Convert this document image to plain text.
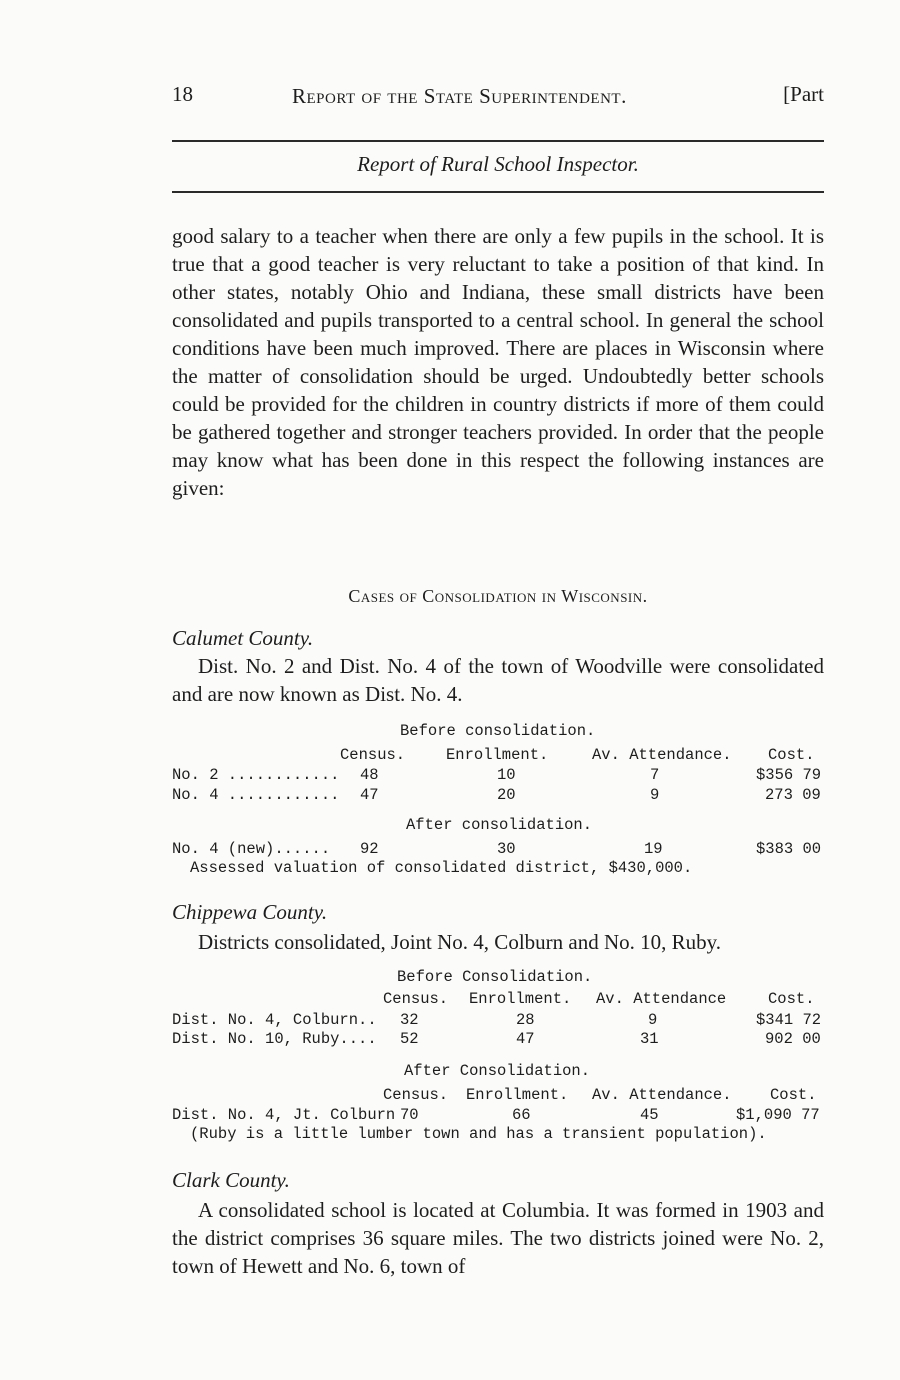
18	Report of the State Superintendent.	[Part
Report of Rural School Inspector.
good salary to a teacher when there are only a few pupils in the school. It is true that a good teacher is very reluctant to take a position of that kind. In other states, notably Ohio and Indiana, these small districts have been consolidated and pupils transported to a central school. In general the school conditions have been much improved. There are places in Wisconsin where the matter of consolidation should be urged. Undoubtedly better schools could be provided for the children in country districts if more of them could be gathered together and stronger teachers provided. In order that the people may know what has been done in this respect the following instances are given:
Cases of Consolidation in Wisconsin.
Calumet County.
Dist. No. 2 and Dist. No. 4 of the town of Woodville were consolidated and are now known as Dist. No. 4.
Before consolidation.
Census.	Enrollment.	Av. Attendance. Cost.
No. 2 ............ 48	10	7	$356 79
No. 4 ............ 47	20	9	273 09
After consolidation.
No. 4 (new)...... 92	30	19	$383 00
Assessed valuation of consolidated district, $430,000.
Chippewa County.
Districts consolidated, Joint No. 4, Colburn and No. 10, Ruby.
Before Consolidation.
Census. Enrollment. Av. Attendance	Cost.
Dist. No. 4, Colburn.. 32	28	9	$341 72
Dist. No. 10, Ruby.... 52	47	31	902 00
After Consolidation.
Census. Enrollment. Av. Attendance. Cost.
Dist. No. 4, Jt. Colburn 70	66	45	$1,090 77
(Ruby is a little lumber town and has a transient population).
Clark County.
A consolidated school is located at Columbia. It was formed in 1903 and the district comprises 36 square miles. The two districts joined were No. 2, town of Hewett and No. 6, town of
